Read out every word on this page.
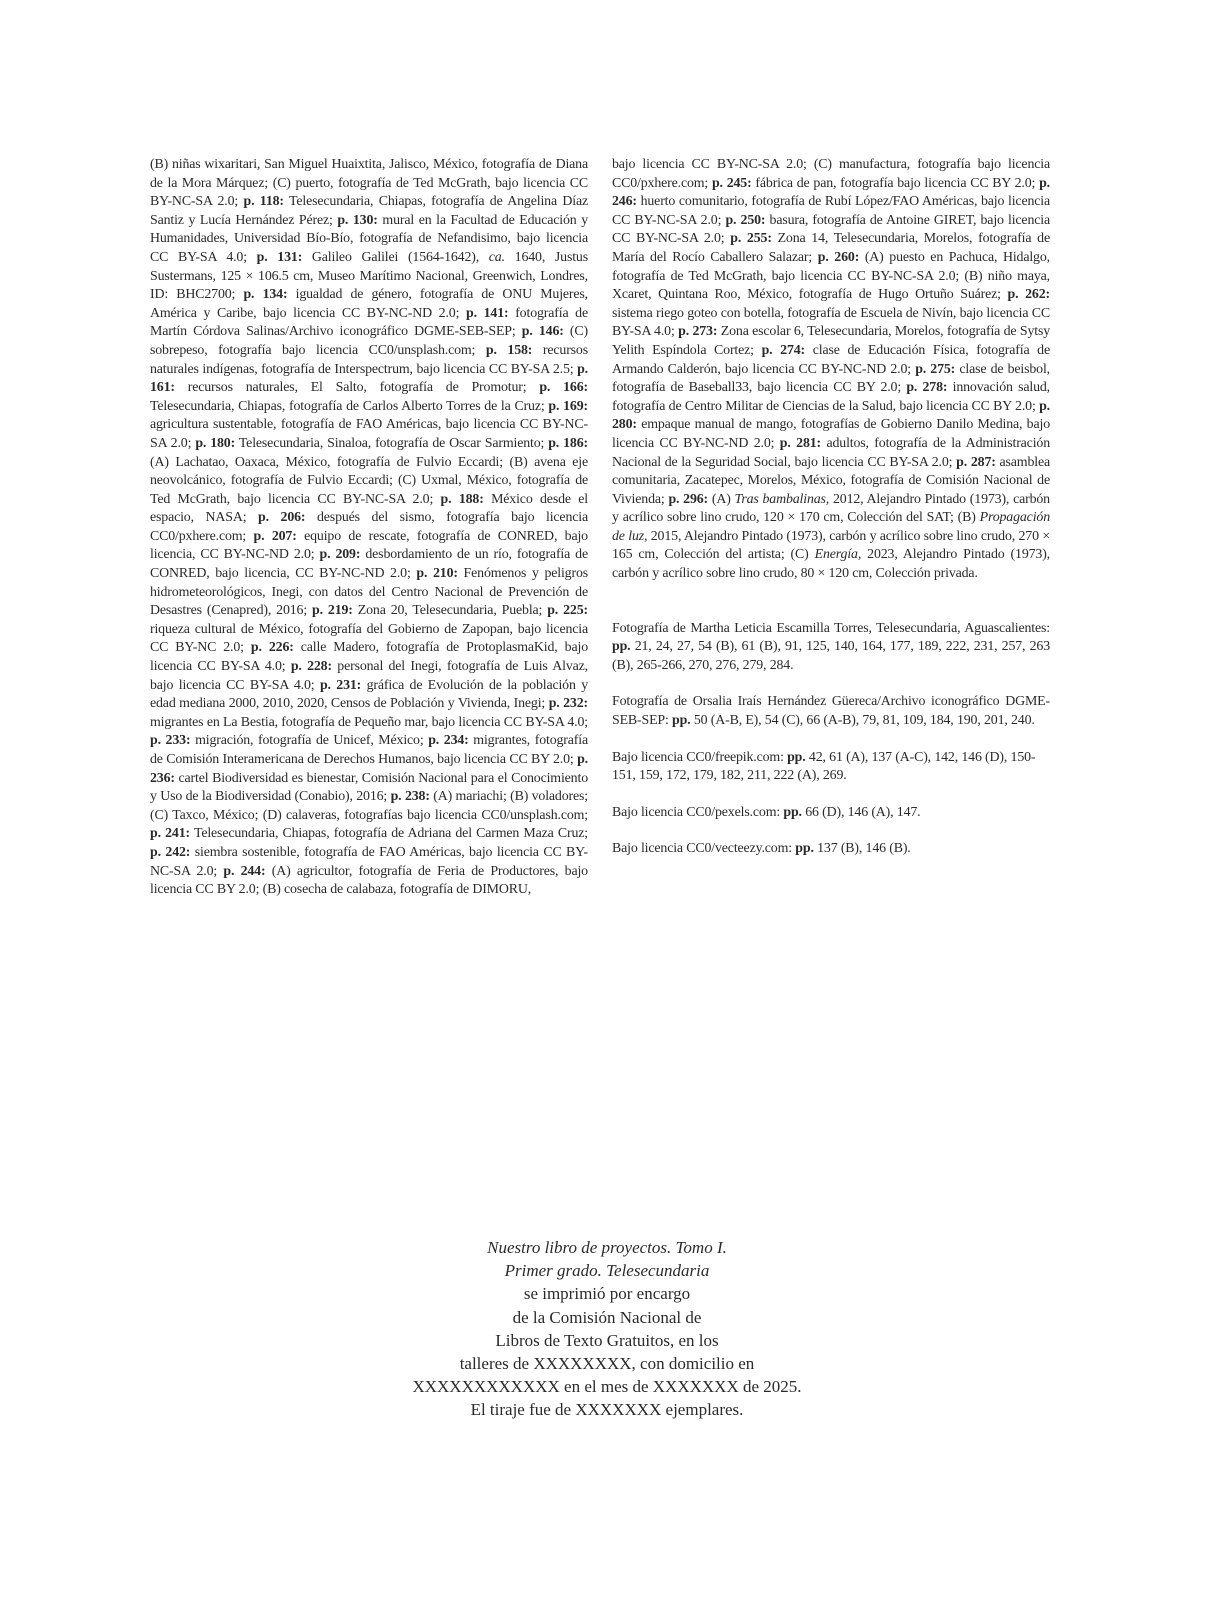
(B) niñas wixaritari, San Miguel Huaixtita, Jalisco, México, fotografía de Diana de la Mora Márquez; (C) puerto, fotografía de Ted McGrath, bajo licencia CC BY-NC-SA 2.0; p. 118: Telesecundaria, Chiapas, fotografía de Angelina Díaz Santiz y Lucía Hernández Pérez; p. 130: mural en la Facultad de Educación y Humanidades, Universidad Bío-Bío, fotografía de Nefandisimo, bajo licencia CC BY-SA 4.0; p. 131: Galileo Galilei (1564-1642), ca. 1640, Justus Sustermans, 125 × 106.5 cm, Museo Marítimo Nacional, Greenwich, Londres, ID: BHC2700; p. 134: igualdad de género, fotografía de ONU Mujeres, América y Caribe, bajo licencia CC BY-NC-ND 2.0; p. 141: fotografía de Martín Córdova Salinas/Archivo iconográfico DGME-SEB-SEP; p. 146: (C) sobrepeso, fotografía bajo licencia CC0/unsplash.com; p. 158: recursos naturales indígenas, fotografía de Interspectrum, bajo licencia CC BY-SA 2.5; p. 161: recursos naturales, El Salto, fotografía de Promotur; p. 166: Telesecundaria, Chiapas, fotografía de Carlos Alberto Torres de la Cruz; p. 169: agricultura sustentable, fotografía de FAO Américas, bajo licencia CC BY-NC-SA 2.0; p. 180: Telesecundaria, Sinaloa, fotografía de Oscar Sarmiento; p. 186: (A) Lachatao, Oaxaca, México, fotografía de Fulvio Eccardi; (B) avena eje neovolcánico, fotografía de Fulvio Eccardi; (C) Uxmal, México, fotografía de Ted McGrath, bajo licencia CC BY-NC-SA 2.0; p. 188: México desde el espacio, NASA; p. 206: después del sismo, fotografía bajo licencia CC0/pxhere.com; p. 207: equipo de rescate, fotografía de CONRED, bajo licencia, CC BY-NC-ND 2.0; p. 209: desbordamiento de un río, fotografía de CONRED, bajo licencia, CC BY-NC-ND 2.0; p. 210: Fenómenos y peligros hidrometeorológicos, Inegi, con datos del Centro Nacional de Prevención de Desastres (Cenapred), 2016; p. 219: Zona 20, Telesecundaria, Puebla; p. 225: riqueza cultural de México, fotografía del Gobierno de Zapopan, bajo licencia CC BY-NC 2.0; p. 226: calle Madero, fotografía de ProtoplasmaKid, bajo licencia CC BY-SA 4.0; p. 228: personal del Inegi, fotografía de Luis Alvaz, bajo licencia CC BY-SA 4.0; p. 231: gráfica de Evolución de la población y edad mediana 2000, 2010, 2020, Censos de Población y Vivienda, Inegi; p. 232: migrantes en La Bestia, fotografía de Pequeño mar, bajo licencia CC BY-SA 4.0; p. 233: migración, fotografía de Unicef, México; p. 234: migrantes, fotografía de Comisión Interamericana de Derechos Humanos, bajo licencia CC BY 2.0; p. 236: cartel Biodiversidad es bienestar, Comisión Nacional para el Conocimiento y Uso de la Biodiversidad (Conabio), 2016; p. 238: (A) mariachi; (B) voladores; (C) Taxco, México; (D) calaveras, fotografías bajo licencia CC0/unsplash.com; p. 241: Telesecundaria, Chiapas, fotografía de Adriana del Carmen Maza Cruz; p. 242: siembra sostenible, fotografía de FAO Américas, bajo licencia CC BY-NC-SA 2.0; p. 244: (A) agricultor, fotografía de Feria de Productores, bajo licencia CC BY 2.0; (B) cosecha de calabaza, fotografía de DIMORU,

bajo licencia CC BY-NC-SA 2.0; (C) manufactura, fotografía bajo licencia CC0/pxhere.com; p. 245: fábrica de pan, fotografía bajo licencia CC BY 2.0; p. 246: huerto comunitario, fotografía de Rubí López/FAO Américas, bajo licencia CC BY-NC-SA 2.0; p. 250: basura, fotografía de Antoine GIRET, bajo licencia CC BY-NC-SA 2.0; p. 255: Zona 14, Telesecundaria, Morelos, fotografía de María del Rocío Caballero Salazar; p. 260: (A) puesto en Pachuca, Hidalgo, fotografía de Ted McGrath, bajo licencia CC BY-NC-SA 2.0; (B) niño maya, Xcaret, Quintana Roo, México, fotografía de Hugo Ortuño Suárez; p. 262: sistema riego goteo con botella, fotografía de Escuela de Nivín, bajo licencia CC BY-SA 4.0; p. 273: Zona escolar 6, Telesecundaria, Morelos, fotografía de Sytsy Yelith Espíndola Cortez; p. 274: clase de Educación Física, fotografía de Armando Calderón, bajo licencia CC BY-NC-ND 2.0; p. 275: clase de beisbol, fotografía de Baseball33, bajo licencia CC BY 2.0; p. 278: innovación salud, fotografía de Centro Militar de Ciencias de la Salud, bajo licencia CC BY 2.0; p. 280: empaque manual de mango, fotografías de Gobierno Danilo Medina, bajo licencia CC BY-NC-ND 2.0; p. 281: adultos, fotografía de la Administración Nacional de la Seguridad Social, bajo licencia CC BY-SA 2.0; p. 287: asamblea comunitaria, Zacatepec, Morelos, México, fotografía de Comisión Nacional de Vivienda; p. 296: (A) Tras bambalinas, 2012, Alejandro Pintado (1973), carbón y acrílico sobre lino crudo, 120 × 170 cm, Colección del SAT; (B) Propagación de luz, 2015, Alejandro Pintado (1973), carbón y acrílico sobre lino crudo, 270 × 165 cm, Colección del artista; (C) Energía, 2023, Alejandro Pintado (1973), carbón y acrílico sobre lino crudo, 80 × 120 cm, Colección privada.

Fotografía de Martha Leticia Escamilla Torres, Telesecundaria, Aguascalientes: pp. 21, 24, 27, 54 (B), 61 (B), 91, 125, 140, 164, 177, 189, 222, 231, 257, 263 (B), 265-266, 270, 276, 279, 284.

Fotografía de Orsalia Iraís Hernández Güereca/Archivo iconográfico DGME-SEB-SEP: pp. 50 (A-B, E), 54 (C), 66 (A-B), 79, 81, 109, 184, 190, 201, 240.

Bajo licencia CC0/freepik.com: pp. 42, 61 (A), 137 (A-C), 142, 146 (D), 150-151, 159, 172, 179, 182, 211, 222 (A), 269.

Bajo licencia CC0/pexels.com: pp. 66 (D), 146 (A), 147.

Bajo licencia CC0/vecteezy.com: pp. 137 (B), 146 (B).

Nuestro libro de proyectos. Tomo I.
Primer grado. Telesecundaria
se imprimió por encargo
de la Comisión Nacional de
Libros de Texto Gratuitos, en los
talleres de XXXXXXXX, con domicilio en
XXXXXXXXXXXX en el mes de XXXXXXX de 2025.
El tiraje fue de XXXXXXX ejemplares.
